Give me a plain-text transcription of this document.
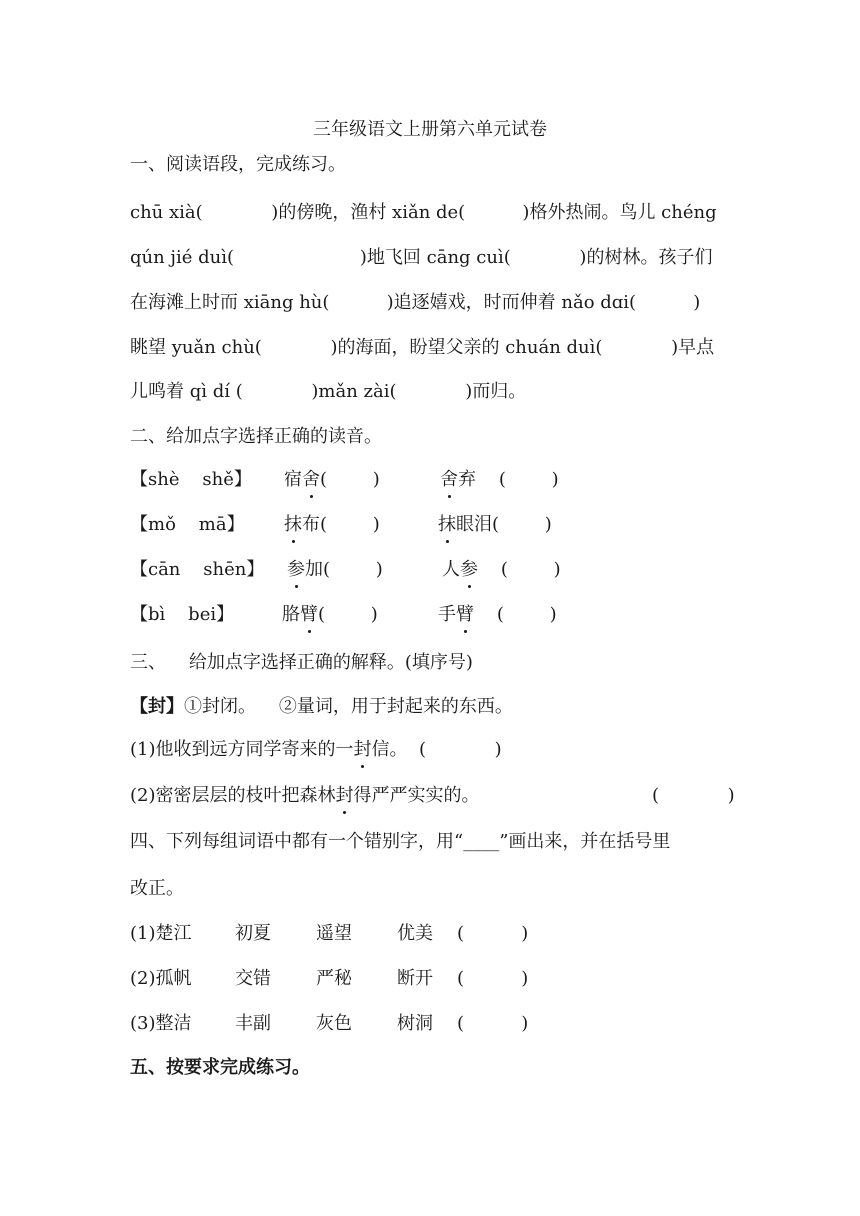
三年级语文上册第六单元试卷
一、阅读语段，完成练习。
chū xià(            )的傍晚，渔村 xiǎn de(          )格外热闹。鸟儿 chéng
qún jié duì(                      )地飞回 cāng cuì(            )的树林。孩子们
在海滩上时而 xiāng hù(          )追逐嬉戏，时而伸着 nǎo dɑi(          )
眺望 yuǎn chù(            )的海面，盼望父亲的 chuán duì(            )早点
儿鸣着 qì dí (            )mǎn zài(            )而归。
二、给加点字选择正确的读音。
【shè    shě】 宿舍(        )	舍弃    (        )
【mǒ    mā】 抹布(        )	抹眼泪(        )
【cān    shēn】 参加(        )	人参    (        )
【bì    bei】	胳臂(        )	手臂    (        )
三、    给加点字选择正确的解释。(填序号)
【封】①封闭。    ②量词，用于封起来的东西。
(1)他收到远方同学寄来的一封信。  (            )
(2)密密层层的枝叶把森林封得严严实实的。	(            )
四、下列每组词语中都有一个错别字，用“____”画出来，并在括号里
改正。
(1)楚江 初夏	遥望	优美 (          )
(2)孤帆 交错	严秘	断开 (          )
(3)整洁 丰副	灰色	树洞 (          )
五、按要求完成练习。
